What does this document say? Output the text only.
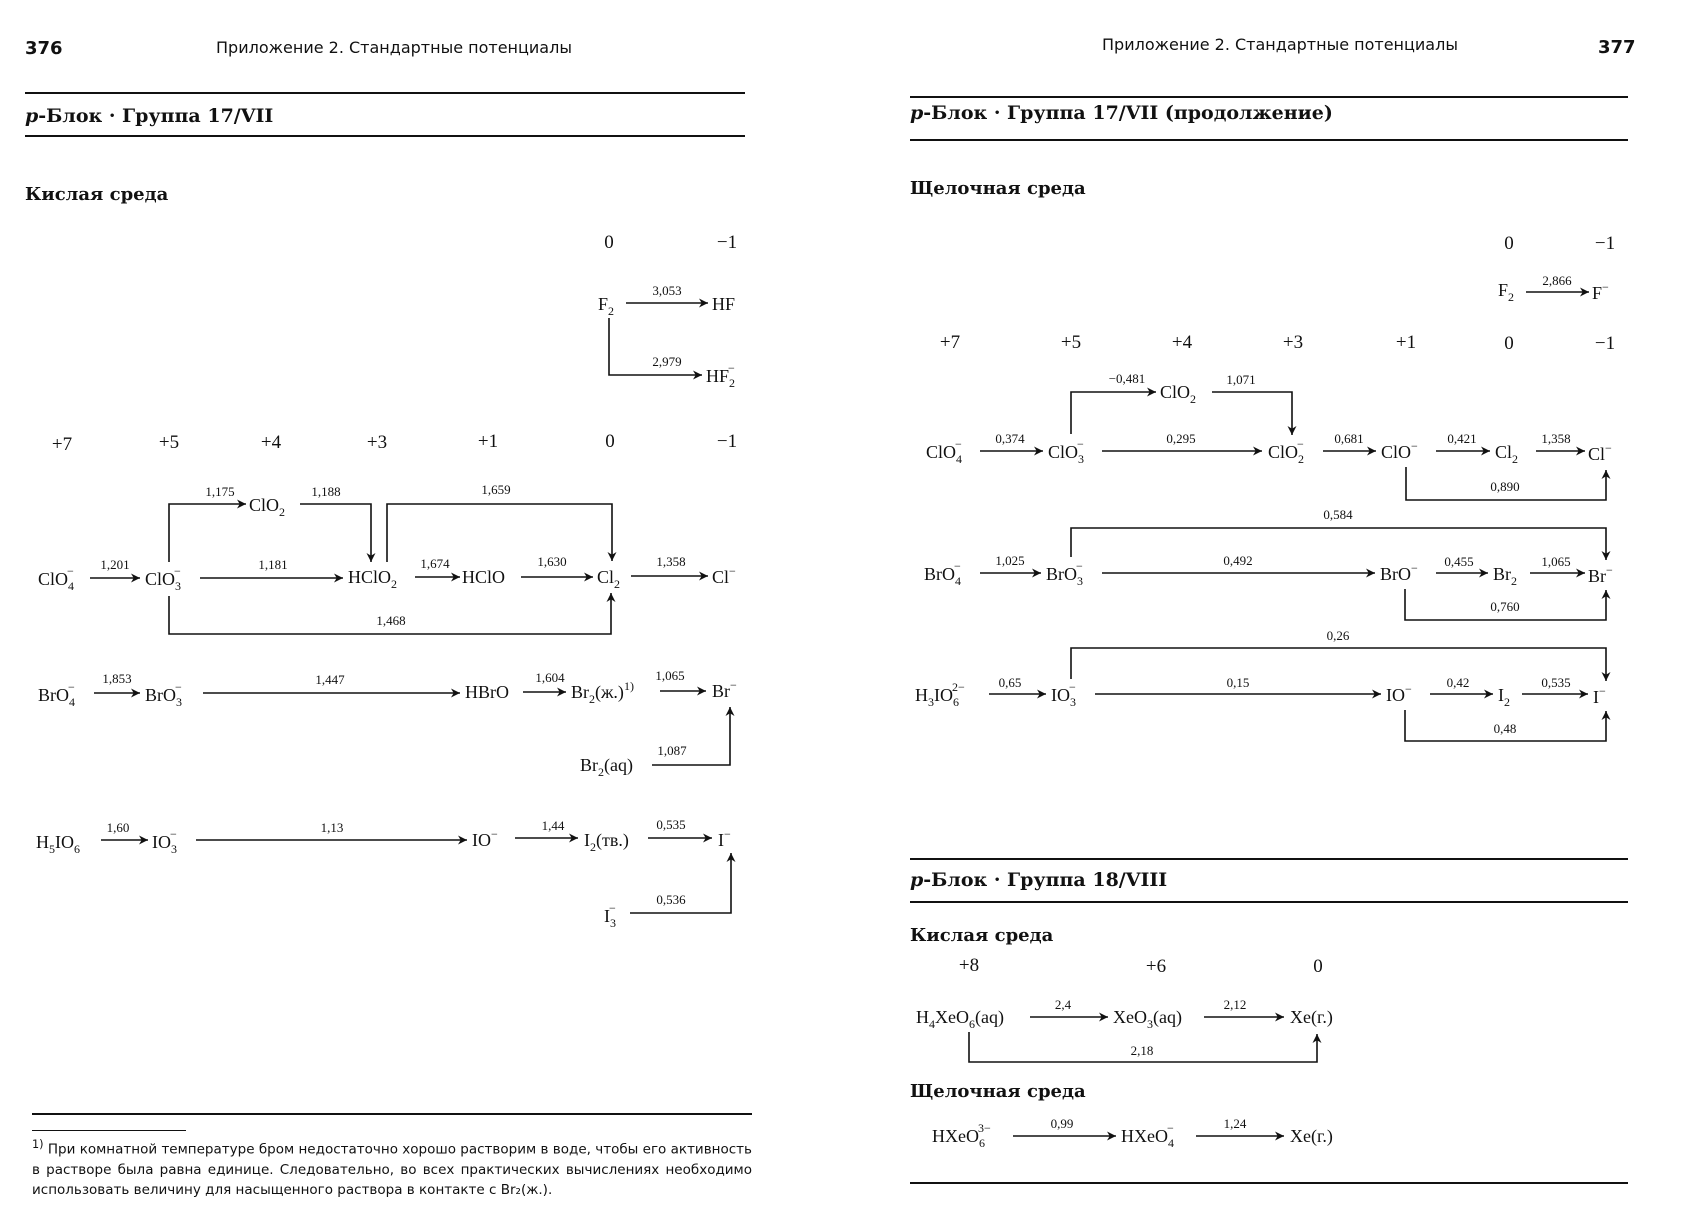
376	Приложение 2. Стандартные потенциалы
p-Блок · Группа 17/VII
Кислая среда
Приложение 2. Стандартные потенциалы	377
p-Блок · Группа 17/VII (продолжение)
Щелочная среда
p-Блок · Группа 18/VIII
Кислая среда
Щелочная среда
$^{1)}$ При комнатной температуре бром недостаточно хорошо растворим в воде, чтобы его активность в растворе была равна единице. Следовательно, во всех практических вычислениях необходимо использовать величину для насыщенного раствора в контакте с Br₂(ж.).
0	−1
$F_2$	HF
$HF_2-$
3,053
2,979
+7	+5	+4	+3	+1	0	−1
ClO$_4$−	ClO$_3$−
ClO$_2$
HClO$_2$	HClO	$Cl_2$	Cl−
1,201
1,175	1,188
1,181
1,659
1,674	1,630	1,358
1,468
BrO$_4$−	BrO$_3$−	HBrO	$Br_2(ж.)^{1)}$	Br−
$Br_2(aq)$
1,853	1,447	1,604	1,065
1,087
$H_5IO_6$	$IO_3-$	IO−	$I_2(тв.)$	I−
$I_3-$
1,60	1,13	1,44	0,535
0,536
0	−1
$F_2$	F−
2,866
+7	+5	+4	+3	+1	0	−1
ClO$_4$−	ClO$_3$−
ClO$_2$
ClO$_2$−	ClO−	$Cl_2$	Cl−
0,374
−0,481	1,071
0,295	0,681	0,421	1,358
0,890
0,584
BrO$_4$−	BrO$_3$−	BrO−	$Br_2$	Br−
1,025	0,492	0,455	1,065
0,760
0,26
$H_3IO_62-$	$IO_3-$	IO−	$I_2$	I−
0,65	0,15	0,42	0,535
0,48
+8	+6	0
$H_4XeO_6(aq)$	XeO$_3$(aq)	Xe(г.)
2,4	2,12
2,18
HXeO$_6$3−	HXeO$_4$−	Xe(г.)
0,99	1,24
